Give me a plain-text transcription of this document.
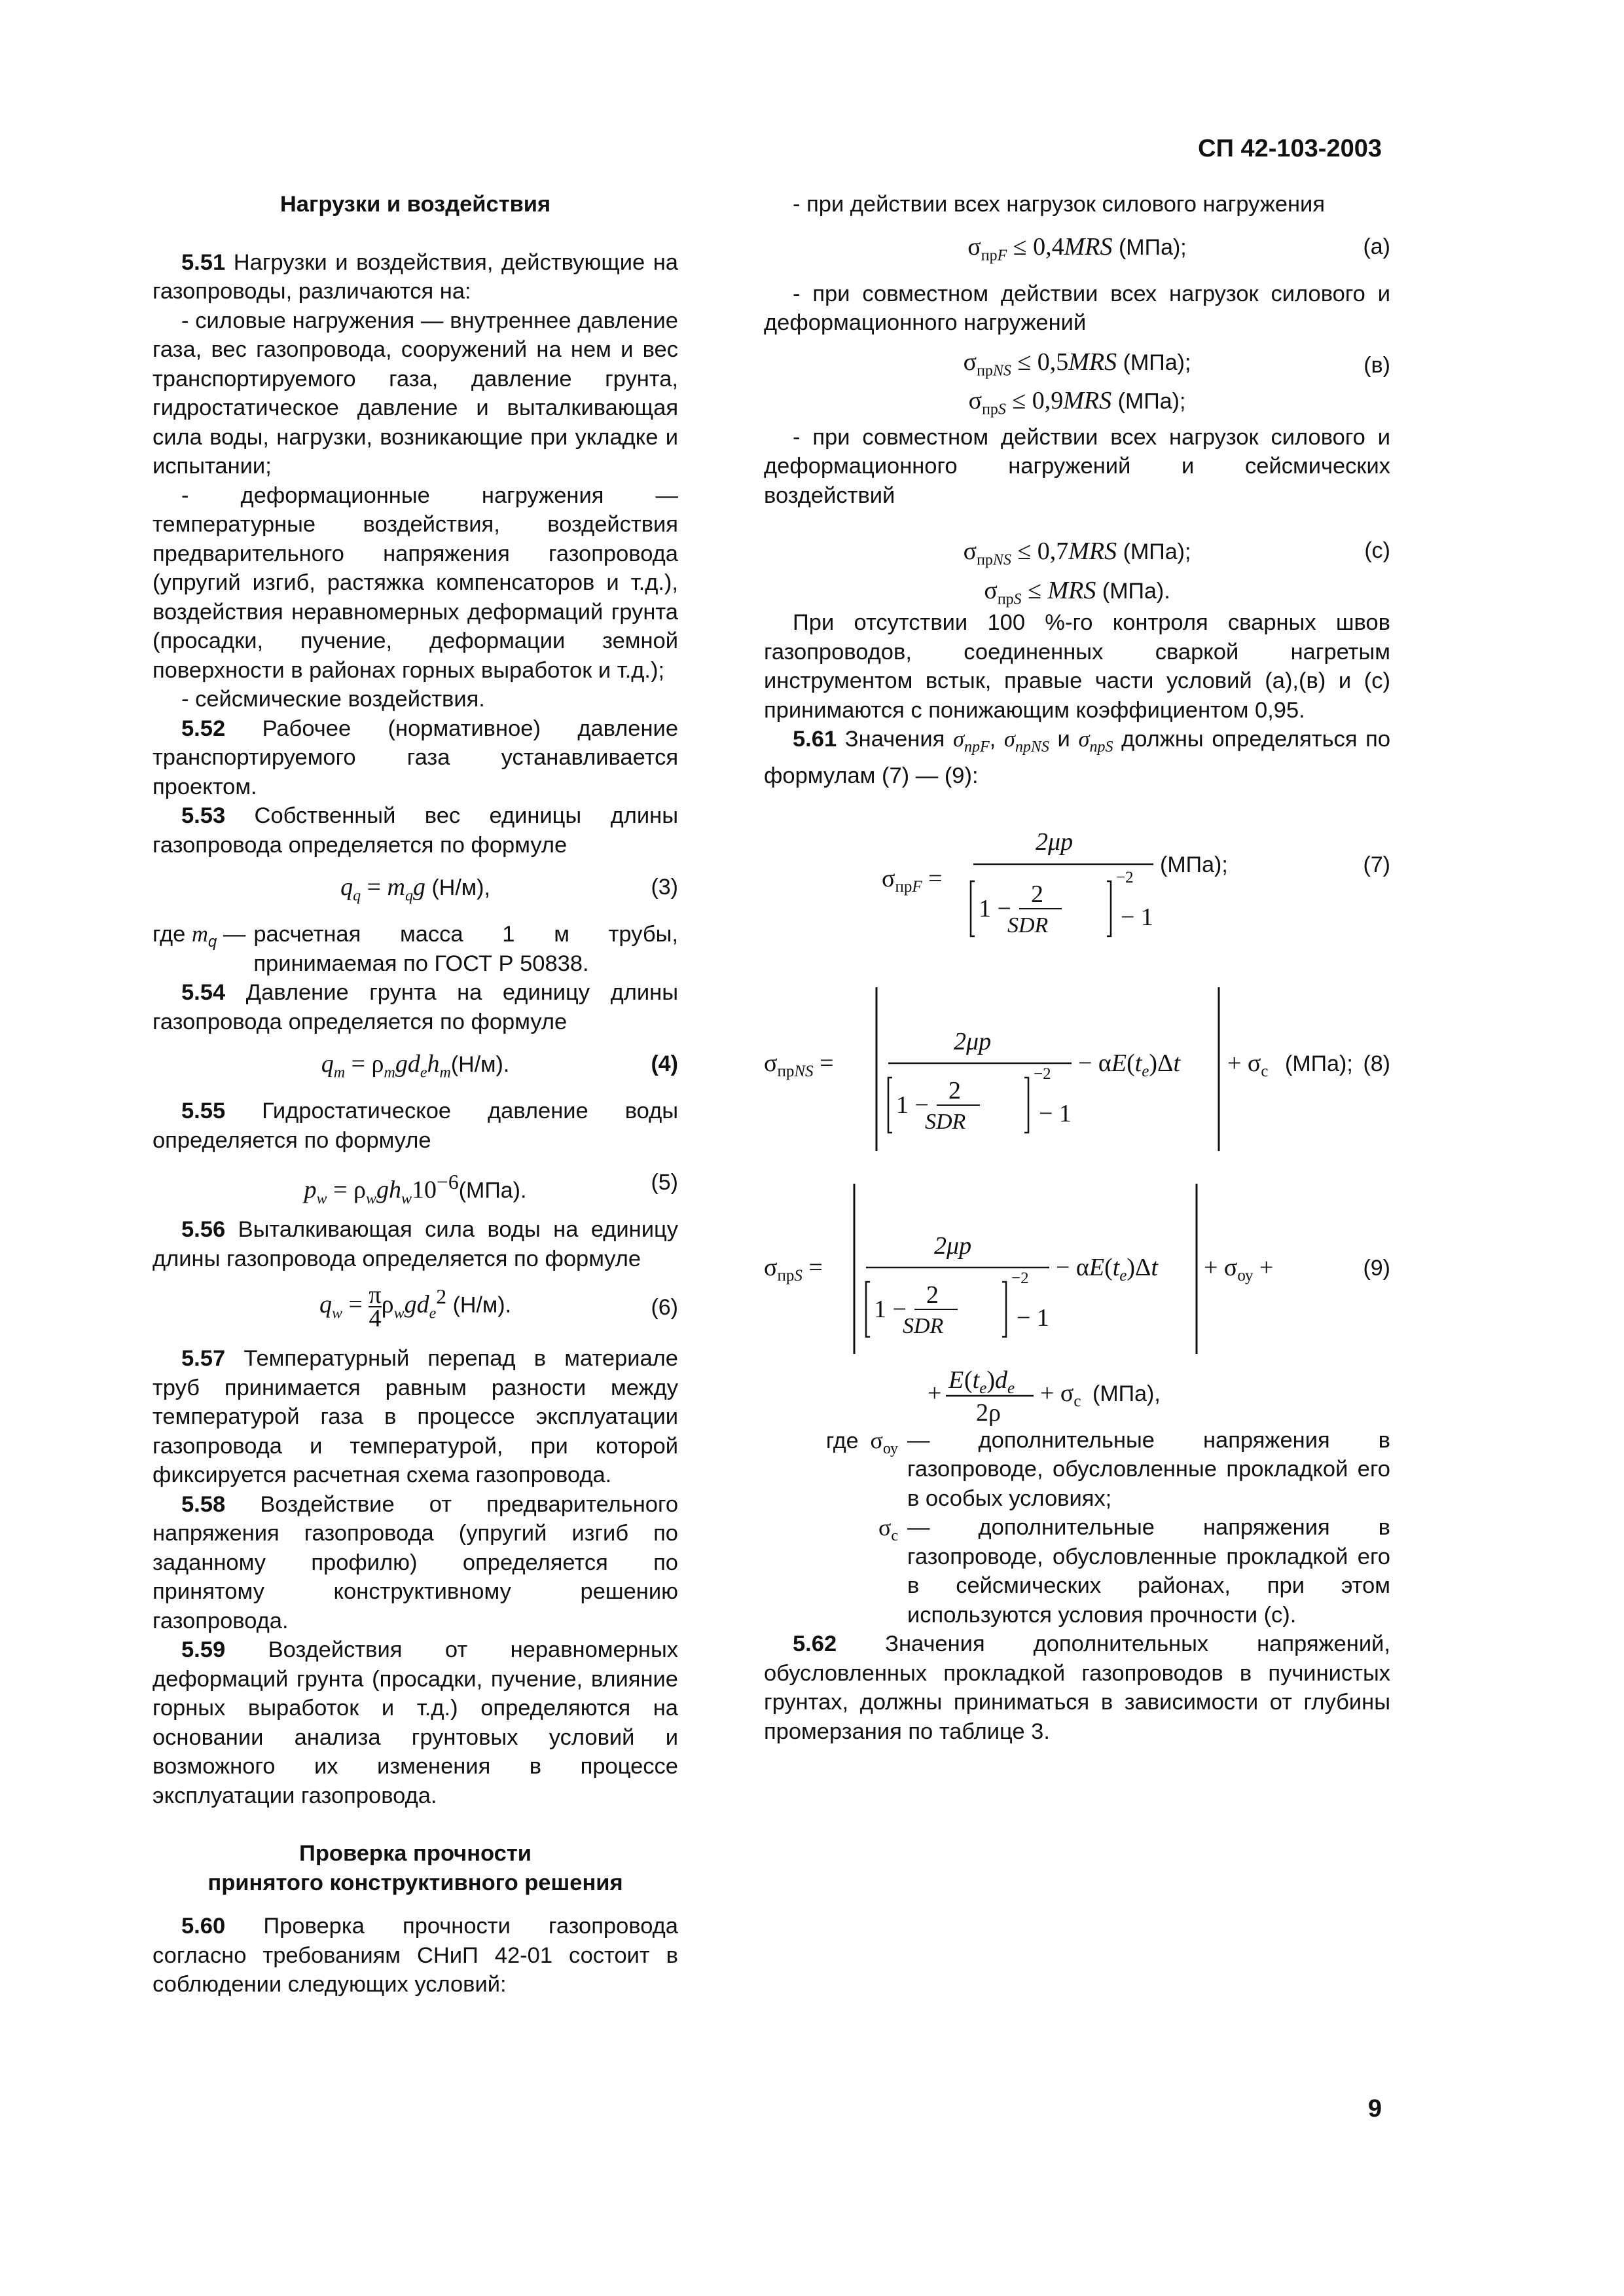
СП 42-103-2003

Нагрузки и воздействия

5.51 Нагрузки и воздействия, действующие на газопроводы, различаются на:

- силовые нагружения — внутреннее давление газа, вес газопровода, сооружений на нем и вес транспортируемого газа, давление грунта, гидростатическое давление и выталкивающая сила воды, нагрузки, возникающие при укладке и испытании;

- деформационные нагружения — температурные воздействия, воздействия предварительного напряжения газопровода (упругий изгиб, растяжка компенсаторов и т.д.), воздействия неравномерных деформаций грунта (просадки, пучение, деформации земной поверхности в районах горных выработок и т.д.);

- сейсмические воздействия.

5.52 Рабочее (нормативное) давление транспортируемого газа устанавливается проектом.

5.53 Собственный вес единицы длины газопровода определяется по формуле

$q_q = m_qg$ (Н/м),	(3)
где $m_q$ — расчетная масса 1 м трубы, принимаемая по ГОСТ Р 50838.

5.54 Давление грунта на единицу длины газопровода определяется по формуле

$q_m = \rho_mgd_eh_m(Н/м)$.	(4)

5.55 Гидростатическое давление воды определяется по формуле

$p_w = \rho_wgh_w10^{-6}(МПа)$.	(5)

5.56 Выталкивающая сила воды на единицу длины газопровода определяется по формуле

$q_w = \frac{\pi}{4} \rho_wgd_e^2$ (Н/м).	(6)

5.57 Температурный перепад в материале труб принимается равным разности между температурой газа в процессе эксплуатации газопровода и температурой, при которой фиксируется расчетная схема газопровода.

5.58 Воздействие от предварительного напряжения газопровода (упругий изгиб по заданному профилю) определяется по принятому конструктивному решению газопровода.

5.59 Воздействия от неравномерных деформаций грунта (просадки, пучение, влияние горных выработок и т.д.) определяются на основании анализа грунтовых условий и возможного их изменения в процессе эксплуатации газопровода.

Проверка прочности
принятого конструктивного решения

5.60 Проверка прочности газопровода согласно требованиям СНиП 42-01 состоит в соблюдении следующих условий:

- при действии всех нагрузок силового нагружения

$\sigma_{прF} \le 0,4MRS$ (МПа);	(а)

- при совместном действии всех нагрузок силового и деформационного нагружений

$\sigma_{прNS} \le 0,5MRS$ (МПа);
$\sigma_{прS} \le 0,9MRS$ (МПа);
(в)

- при совместном действии всех нагрузок силового и деформационного нагружений и сейсмических воздействий

$\sigma_{прNS} \le 0,7MRS$ (МПа);
$\sigma_{прS}$ ≤ MRS (МПа).
(с)

При отсутствии 100 %-го контроля сварных швов газопроводов, соединенных сваркой нагретым инструментом встык, правые части условий (а),(в) и (с) принимаются с понижающим коэффициентом 0,95.

5.61 Значения $\sigma_{прF}$, $\sigma_{прNS}$ и $\sigma_{прS}$ должны определяться по формулам (7) — (9):

$\sigma_{пр}F$ =
2μp
1 −
2
SDR
−2
− 1
(МПа);	(7)
$\sigma_{пр}NS$ =
2μp
1 −
2
SDR
−2
− 1
− $\alpha E(t_e)\Delta t + \sigma_с$ (МПа); (8)
$\sigma_{пр}S$ =
2μp
1 −
2
SDR
−2
− 1
− $\alpha E(t_e)\Delta t + \sigma_{оу}$ +
+ E $(t_e)d_e$
2ρ
+ $\sigma_с$ (МПа),
(9)
где  $\sigma_{оу}$ — дополнительные напряжения в газопроводе, обусловленные прокладкой его в особых условиях;
$\sigma_с$ — дополнительные напряжения в газопроводе, обусловленные прокладкой его в сейсмических районах, при этом используются условия прочности (с).

5.62 Значения дополнительных напряжений, обусловленных прокладкой газопроводов в пучинистых грунтах, должны приниматься в зависимости от глубины промерзания по таблице 3.

9
